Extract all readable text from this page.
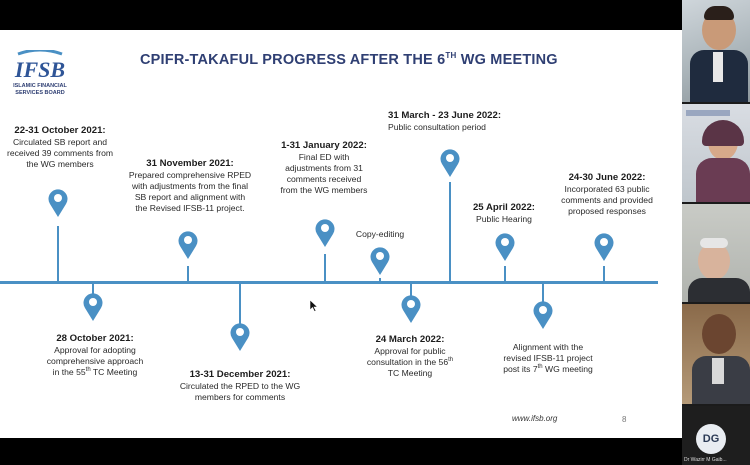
IFSB
ISLAMIC FINANCIAL
SERVICES BOARD
CPIFR-TAKAFUL PROGRESS AFTER THE 6TH WG MEETING
22-31 October 2021:
Circulated SB report and
received 39 comments from
the WG members
28 October 2021:
Approval for adopting
comprehensive approach
in the 55th TC Meeting
31 November 2021:
Prepared comprehensive RPED
with adjustments from the final
SB report and alignment with
the Revised IFSB-11 project.
13-31 December 2021:
Circulated the RPED to the WG
members for comments
1-31 January 2022:
Final ED with
adjustments from 31
comments received
from the WG members
Copy-editing
24 March 2022:
Approval for public
consultation in the 56th
TC Meeting
31 March - 23 June 2022:
Public consultation period
25 April 2022:
Public Hearing
Alignment with the
revised IFSB-11 project
post its 7th WG meeting
24-30 June 2022:
Incorporated 63 public
comments and provided
proposed responses
www.ifsb.org	8
DG
Dr Wazirr M Gaib...
